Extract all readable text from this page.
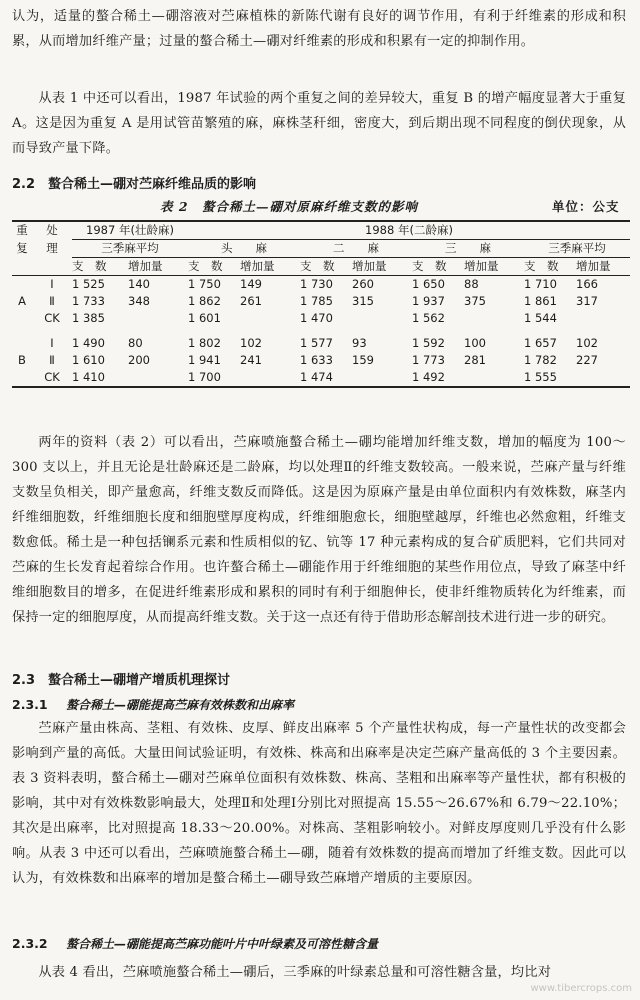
认为，适量的螯合稀土—硼溶液对苎麻植株的新陈代谢有良好的调节作用，有利于纤维素的形成和积累，从而增加纤维产量；过量的螯合稀土—硼对纤维素的形成和积累有一定的抑制作用。
从表 1 中还可以看出，1987 年试验的两个重复之间的差异较大，重复 B 的增产幅度显著大于重复 A。这是因为重复 A 是用试管苗繁殖的麻，麻株茎秆细，密度大，到后期出现不同程度的倒伏现象，从而导致产量下降。
2.2　螯合稀土—硼对苎麻纤维品质的影响
表 2　螯合稀土—硼对原麻纤维支数的影响	单位：公支
重	处	1987 年(壮龄麻)		1988 年(二龄麻)							
复	理	三季麻平均		头　　麻		二　　麻		三　　麻		三季麻平均	
		支　数	增加量	支　数	增加量	支　数	增加量	支　数	增加量	支　数	增加量
	Ⅰ	1 525	140	1 750	149	1 730	260	1 650	88	1 710	166
A	Ⅱ	1 733	348	1 862	261	1 785	315	1 937	375	1 861	317
	CK	1 385		1 601		1 470		1 562		1 544	

	Ⅰ	1 490	80	1 802	102	1 577	93	1 592	100	1 657	102
B	Ⅱ	1 610	200	1 941	241	1 633	159	1 773	281	1 782	227
	CK	1 410		1 700		1 474		1 492		1 555	
两年的资料（表 2）可以看出，苎麻喷施螯合稀土—硼均能增加纤维支数，增加的幅度为 100～300 支以上，并且无论是壮龄麻还是二龄麻，均以处理Ⅱ的纤维支数较高。一般来说，苎麻产量与纤维支数呈负相关，即产量愈高，纤维支数反而降低。这是因为原麻产量是由单位面积内有效株数，麻茎内纤维细胞数，纤维细胞长度和细胞壁厚度构成，纤维细胞愈长，细胞壁越厚，纤维也必然愈粗，纤维支数愈低。稀土是一种包括镧系元素和性质相似的钇、钪等 17 种元素构成的复合矿质肥料，它们共同对苎麻的生长发育起着综合作用。也许螯合稀土—硼能作用于纤维细胞的某些作用位点，导致了麻茎中纤维细胞数目的增多，在促进纤维素形成和累积的同时有利于细胞伸长，使非纤维物质转化为纤维素，而保持一定的细胞厚度，从而提高纤维支数。关于这一点还有待于借助形态解剖技术进行进一步的研究。
2.3　螯合稀土—硼增产增质机理探讨
2.3.1 螯合稀土—硼能提高苎麻有效株数和出麻率
苎麻产量由株高、茎粗、有效株、皮厚、鲜皮出麻率 5 个产量性状构成，每一产量性状的改变都会影响到产量的高低。大量田间试验证明，有效株、株高和出麻率是决定苎麻产量高低的 3 个主要因素。表 3 资料表明，螯合稀土—硼对苎麻单位面积有效株数、株高、茎粗和出麻率等产量性状，都有积极的影响，其中对有效株数影响最大，处理Ⅱ和处理Ⅰ分别比对照提高 15.55～26.67%和 6.79～22.10%；其次是出麻率，比对照提高 18.33～20.00%。对株高、茎粗影响较小。对鲜皮厚度则几乎没有什么影响。从表 3 中还可以看出，苎麻喷施螯合稀土—硼，随着有效株数的提高而增加了纤维支数。因此可以认为，有效株数和出麻率的增加是螯合稀土—硼导致苎麻增产增质的主要原因。
2.3.2 螯合稀土—硼能提高苎麻功能叶片中叶绿素及可溶性糖含量
从表 4 看出，苎麻喷施螯合稀土—硼后，三季麻的叶绿素总量和可溶性糖含量，均比对
www.tibercrops.com
